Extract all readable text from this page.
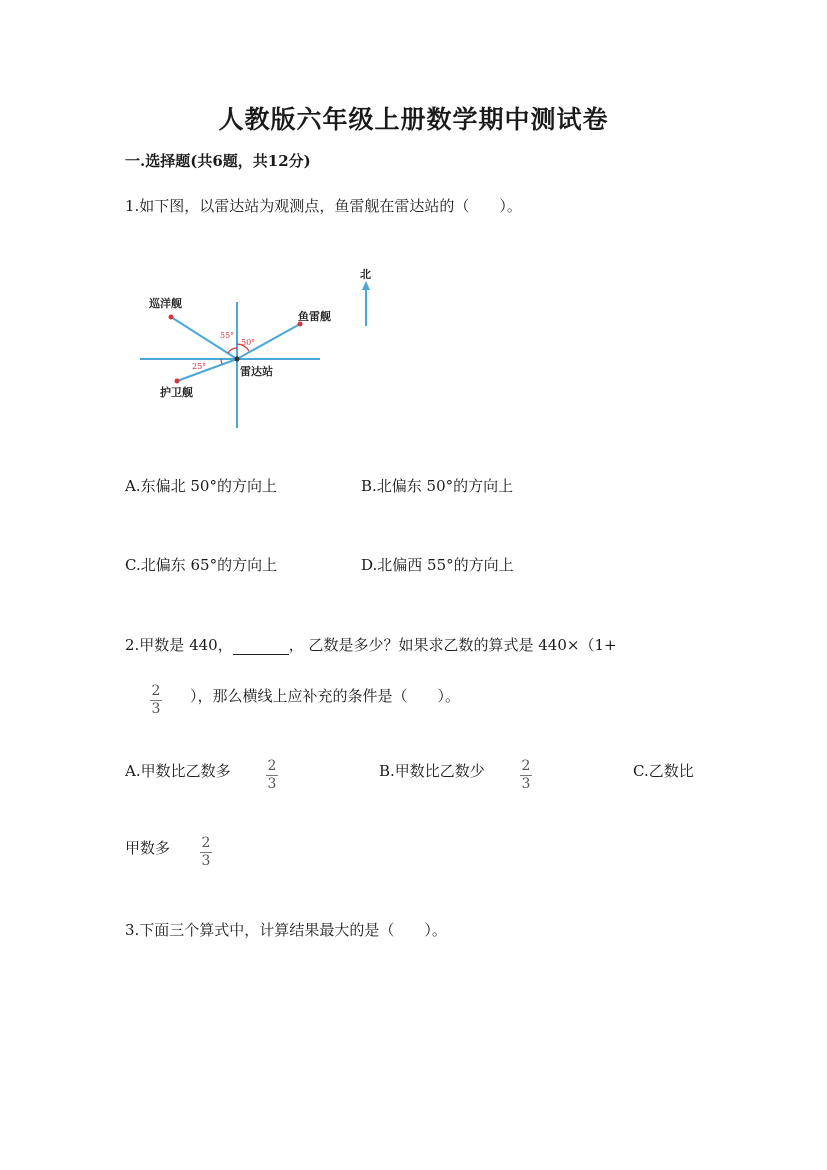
人教版六年级上册数学期中测试卷
一.选择题(共6题，共12分)
1.如下图，以雷达站为观测点，鱼雷舰在雷达站的（　　）。
北
巡洋舰
鱼雷舰
雷达站
护卫舰
55°
50°
25°
A.东偏北 50°的方向上	B.北偏东 50°的方向上
C.北偏东 65°的方向上	D.北偏西 55°的方向上
2.甲数是 440，	， 乙数是多少？如果求乙数的算式是 440×（1+
$\frac{2}{3}$ ），那么横线上应补充的条件是（　　）。
A.甲数比乙数多	$\frac{2}{3}$	B.甲数比乙数少	$\frac{2}{3}$	C.乙数比
甲数多 $\frac{2}{3}$
3.下面三个算式中，计算结果最大的是（　　）。
